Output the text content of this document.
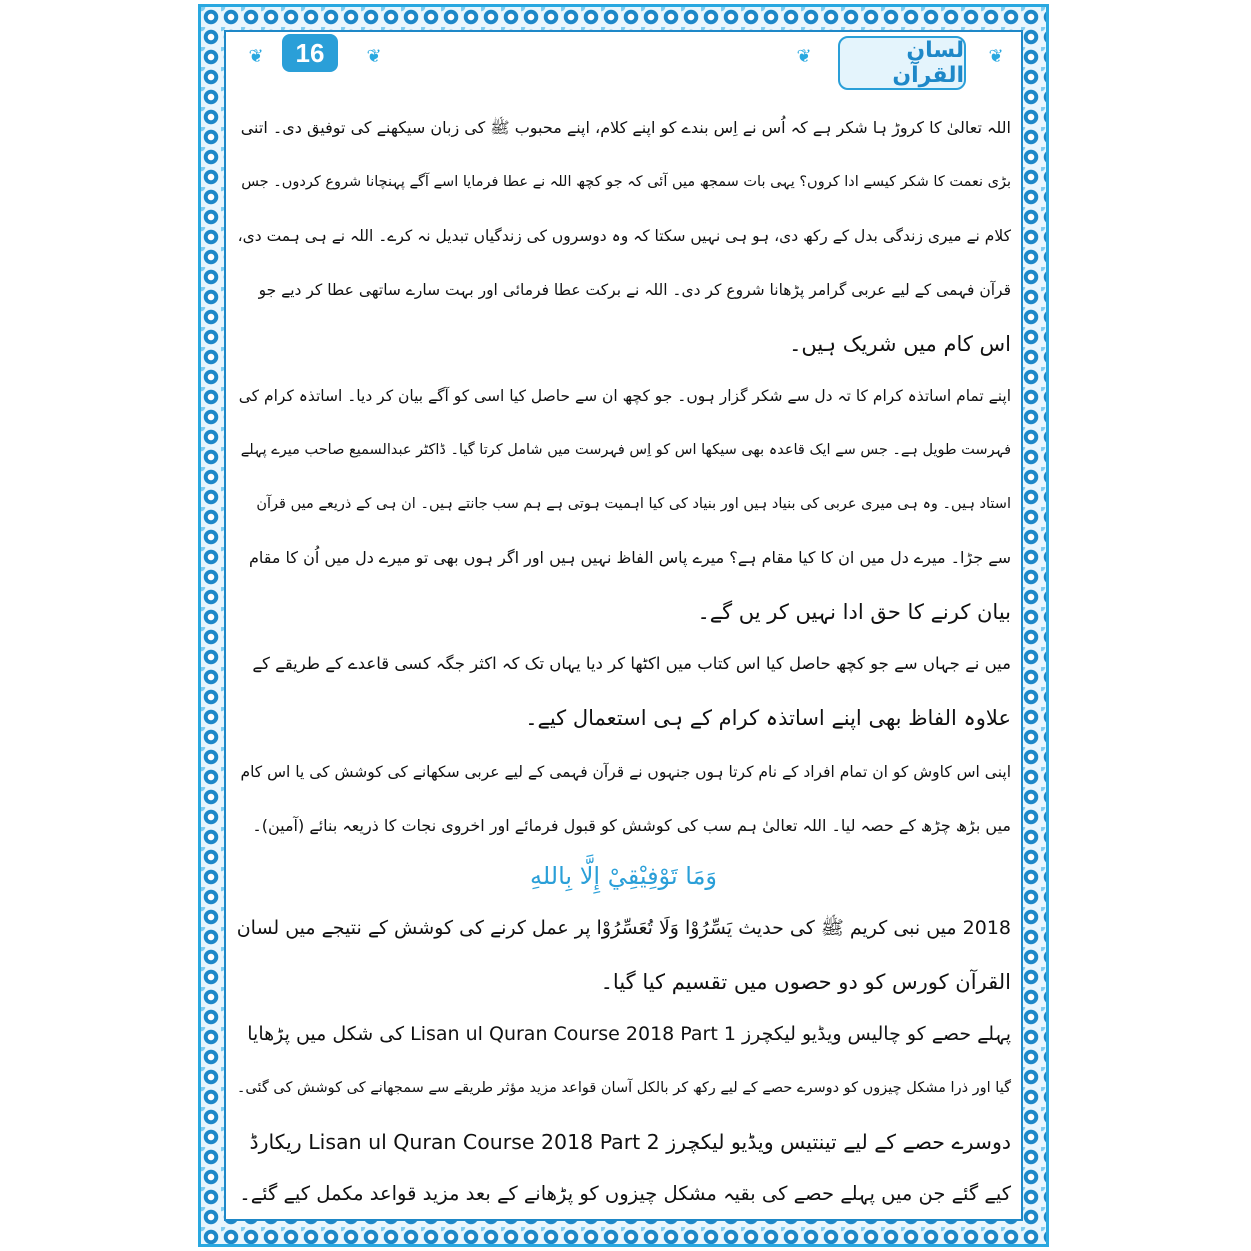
❦	16	❦	❦	لسان القرآن
❦
اللہ تعالیٰ کا کروڑ ہا شکر ہے کہ اُس نے اِس بندے کو اپنے کلام، اپنے محبوب ﷺ کی زبان سیکھنے کی توفیق دی۔ اتنی
بڑی نعمت کا شکر کیسے ادا کروں؟ یہی بات سمجھ میں آئی کہ جو کچھ اللہ نے عطا فرمایا اسے آگے پہنچانا شروع کردوں۔ جس
کلام نے میری زندگی بدل کے رکھ دی، ہو ہی نہیں سکتا کہ وہ دوسروں کی زندگیاں تبدیل نہ کرے۔ اللہ نے ہی ہمت دی،
قرآن فہمی کے لیے عربی گرامر پڑھانا شروع کر دی۔ اللہ نے برکت عطا فرمائی اور بہت سارے ساتھی عطا کر دیے جو
اس کام میں شریک ہیں۔
اپنے تمام اساتذہ کرام کا تہ دل سے شکر گزار ہوں۔ جو کچھ ان سے حاصل کیا اسی کو آگے بیان کر دیا۔ اساتذہ کرام کی
فہرست طویل ہے۔ جس سے ایک قاعدہ بھی سیکھا اس کو اِس فہرست میں شامل کرتا گیا۔ ڈاکٹر عبدالسمیع صاحب میرے پہلے
استاد ہیں۔ وہ ہی میری عربی کی بنیاد ہیں اور بنیاد کی کیا اہمیت ہوتی ہے ہم سب جانتے ہیں۔ ان ہی کے ذریعے میں قرآن
سے جڑا۔ میرے دل میں ان کا کیا مقام ہے؟ میرے پاس الفاظ نہیں ہیں اور اگر ہوں بھی تو میرے دل میں اُن کا مقام
بیان کرنے کا حق ادا نہیں کر یں گے۔
میں نے جہاں سے جو کچھ حاصل کیا اس کتاب میں اکٹھا کر دیا یہاں تک کہ اکثر جگہ کسی قاعدے کے طریقے کے
علاوہ الفاظ بھی اپنے اساتذہ کرام کے ہی استعمال کیے۔
اپنی اس کاوش کو ان تمام افراد کے نام کرتا ہوں جنہوں نے قرآن فہمی کے لیے عربی سکھانے کی کوشش کی یا اس کام
میں بڑھ چڑھ کے حصہ لیا۔ اللہ تعالیٰ ہم سب کی کوشش کو قبول فرمائے اور اخروی نجات کا ذریعہ بنائے (آمین)۔
وَمَا تَوْفِيْقِيْ إِلَّا بِاللهِ
2018 میں نبی کریم ﷺ کی حدیث يَسِّرُوْا وَلَا تُعَسِّرُوْا پر عمل کرنے کی کوشش کے نتیجے میں لسان
القرآن کورس کو دو حصوں میں تقسیم کیا گیا۔
پہلے حصے کو چالیس ویڈیو لیکچرز Lisan ul Quran Course 2018 Part 1 کی شکل میں پڑھایا
گیا اور ذرا مشکل چیزوں کو دوسرے حصے کے لیے رکھ کر بالکل آسان قواعد مزید مؤثر طریقے سے سمجھانے کی کوشش کی گئی۔
دوسرے حصے کے لیے تینتیس ویڈیو لیکچرز Lisan ul Quran Course 2018 Part 2 ریکارڈ
کیے گئے جن میں پہلے حصے کی بقیہ مشکل چیزوں کو پڑھانے کے بعد مزید قواعد مکمل کیے گئے۔
